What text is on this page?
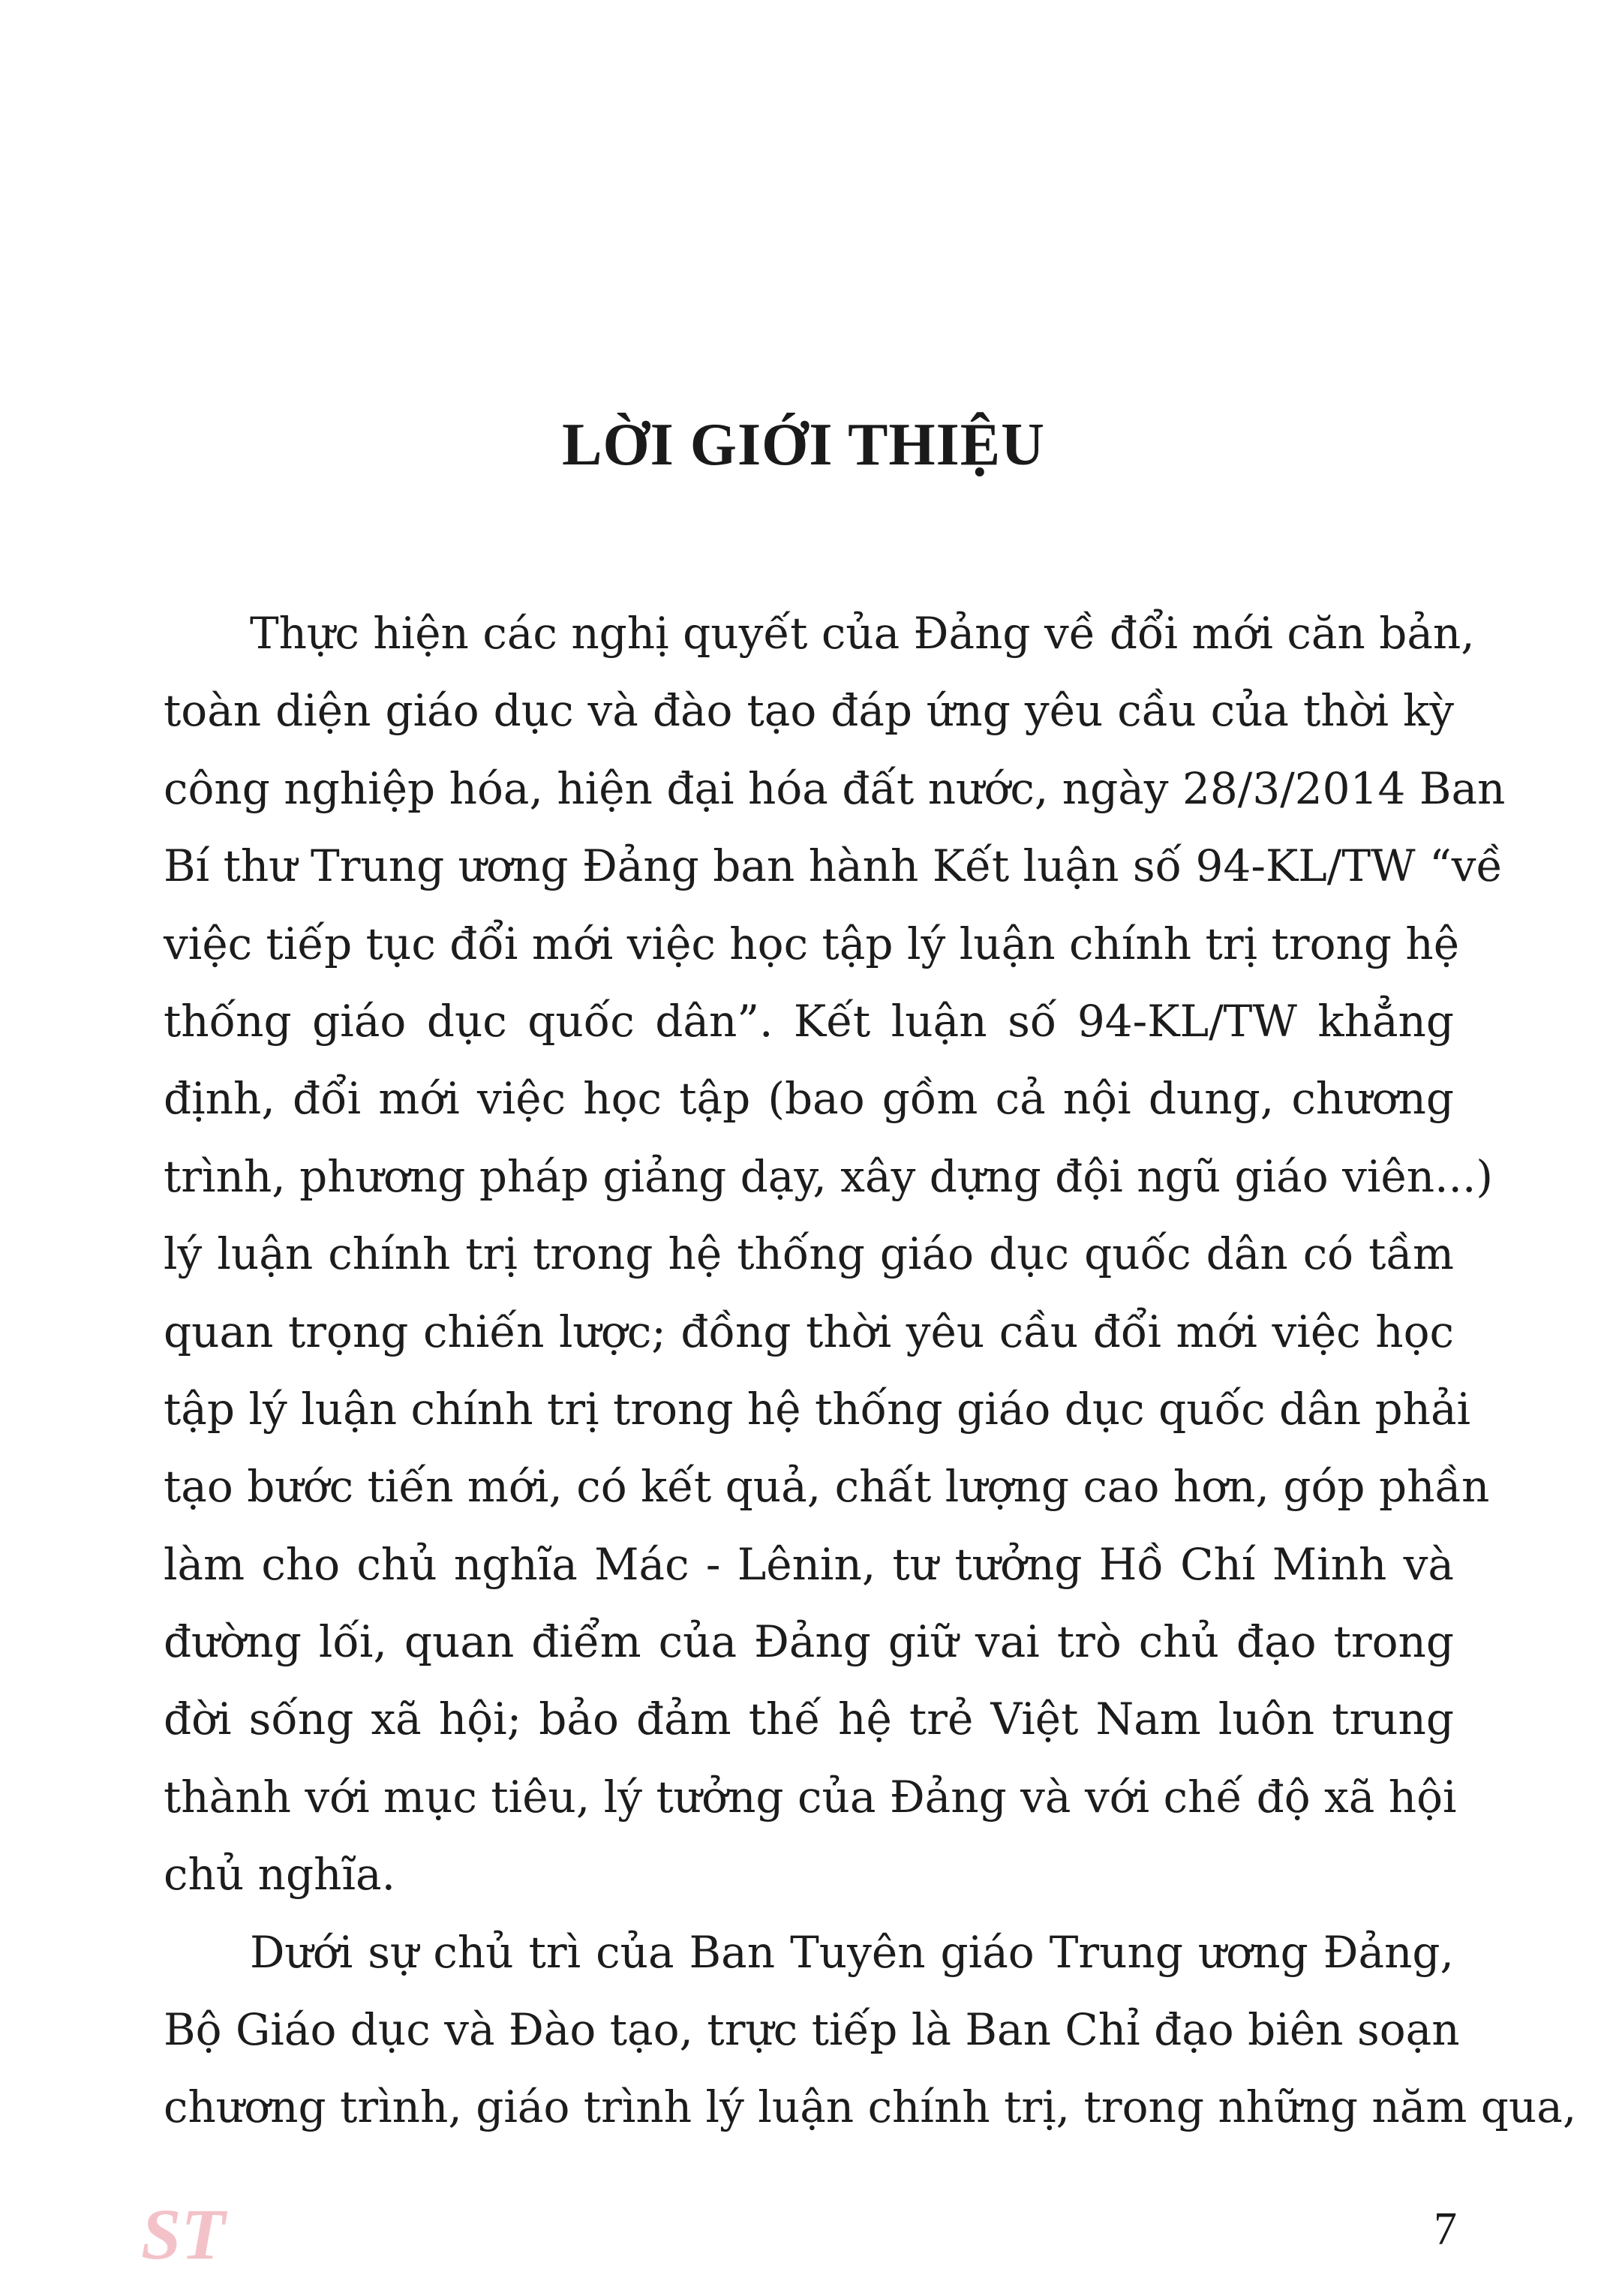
LỜI GIỚI THIỆU
Thực hiện các nghị quyết của Đảng về đổi mới căn bản,
toàn diện giáo dục và đào tạo đáp ứng yêu cầu của thời kỳ
công nghiệp hóa, hiện đại hóa đất nước, ngày 28/3/2014 Ban
Bí thư Trung ương Đảng ban hành Kết luận số 94-KL/TW “về
việc tiếp tục đổi mới việc học tập lý luận chính trị trong hệ
thống giáo dục quốc dân”. Kết luận số 94-KL/TW khẳng
định, đổi mới việc học tập (bao gồm cả nội dung, chương
trình, phương pháp giảng dạy, xây dựng đội ngũ giáo viên...)
lý luận chính trị trong hệ thống giáo dục quốc dân có tầm
quan trọng chiến lược; đồng thời yêu cầu đổi mới việc học
tập lý luận chính trị trong hệ thống giáo dục quốc dân phải
tạo bước tiến mới, có kết quả, chất lượng cao hơn, góp phần
làm cho chủ nghĩa Mác - Lênin, tư tưởng Hồ Chí Minh và
đường lối, quan điểm của Đảng giữ vai trò chủ đạo trong
đời sống xã hội; bảo đảm thế hệ trẻ Việt Nam luôn trung
thành với mục tiêu, lý tưởng của Đảng và với chế độ xã hội
chủ nghĩa.
Dưới sự chủ trì của Ban Tuyên giáo Trung ương Đảng,
Bộ Giáo dục và Đào tạo, trực tiếp là Ban Chỉ đạo biên soạn
chương trình, giáo trình lý luận chính trị, trong những năm qua,
ST	7
